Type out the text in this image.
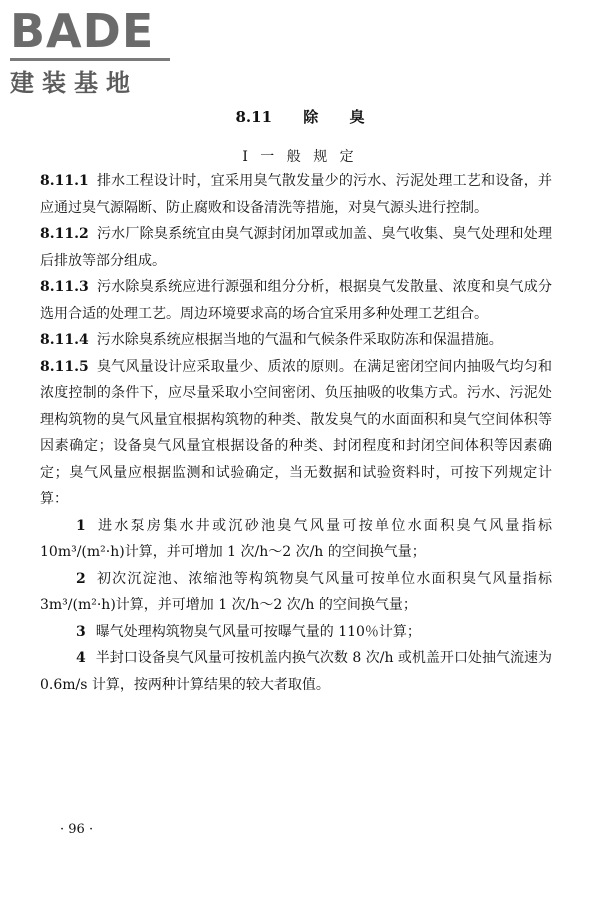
BADE
建装基地
8.11 除 臭
Ⅰ 一 般 规 定

8.11.1 排水工程设计时，宜采用臭气散发量少的污水、污泥处理工艺和设备，并应通过臭气源隔断、防止腐败和设备清洗等措施，对臭气源头进行控制。

8.11.2 污水厂除臭系统宜由臭气源封闭加罩或加盖、臭气收集、臭气处理和处理后排放等部分组成。

8.11.3 污水除臭系统应进行源强和组分分析，根据臭气发散量、浓度和臭气成分选用合适的处理工艺。周边环境要求高的场合宜采用多种处理工艺组合。

8.11.4 污水除臭系统应根据当地的气温和气候条件采取防冻和保温措施。

8.11.5 臭气风量设计应采取量少、质浓的原则。在满足密闭空间内抽吸气均匀和浓度控制的条件下，应尽量采取小空间密闭、负压抽吸的收集方式。污水、污泥处理构筑物的臭气风量宜根据构筑物的种类、散发臭气的水面面积和臭气空间体积等因素确定；设备臭气风量宜根据设备的种类、封闭程度和封闭空间体积等因素确定；臭气风量应根据监测和试验确定，当无数据和试验资料时，可按下列规定计算：

1 进水泵房集水井或沉砂池臭气风量可按单位水面积臭气风量指标 10m³/(m²·h)计算，并可增加 1 次/h～2 次/h 的空间换气量；

2 初次沉淀池、浓缩池等构筑物臭气风量可按单位水面积臭气风量指标 3m³/(m²·h)计算，并可增加 1 次/h～2 次/h 的空间换气量；

3 曝气处理构筑物臭气风量可按曝气量的 110％计算；

4 半封口设备臭气风量可按机盖内换气次数 8 次/h 或机盖开口处抽气流速为 0.6m/s 计算，按两种计算结果的较大者取值。

· 96 ·
